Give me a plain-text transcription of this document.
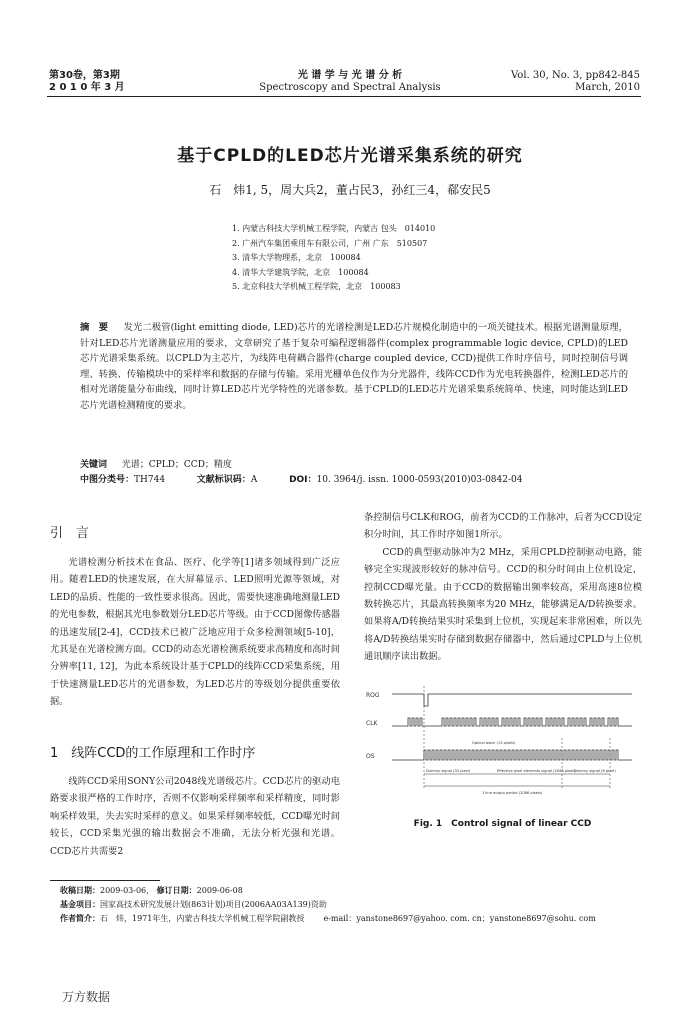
第30卷，第3期
2 0 1 0 年 3 月
光 谱 学 与 光 谱 分 析
Spectroscopy and Spectral Analysis
Vol. 30, No. 3, pp842-845
March, 2010
基于CPLD的LED芯片光谱采集系统的研究
石　炜1, 5，周大兵2，董占民3，孙红三4，郗安民5
1. 内蒙古科技大学机械工程学院，内蒙古 包头　014010
2. 广州汽车集团乘用车有限公司，广州 广东　510507
3. 清华大学物理系，北京　100084
4. 清华大学建筑学院，北京　100084
5. 北京科技大学机械工程学院，北京　100083
摘　要 　 发光二极管(light emitting diode, LED)芯片的光谱检测是LED芯片规模化制造中的一项关键技术。根据光谱测量原理，针对LED芯片光谱测量应用的要求，文章研究了基于复杂可编程逻辑器件(complex programmable logic device, CPLD)的LED芯片光谱采集系统。以CPLD为主芯片，为线阵电荷耦合器件(charge coupled device, CCD)提供工作时序信号，同时控制信号调理、转换、传输模块中的采样率和数据的存储与传输。采用光栅单色仪作为分光器件，线阵CCD作为光电转换器件，检测LED芯片的相对光谱能量分布曲线，同时计算LED芯片光学特性的光谱参数。基于CPLD的LED芯片光谱采集系统简单、快速，同时能达到LED芯片光谱检测精度的要求。
关键词 　 光谱；CPLD；CCD；精度
中图分类号：TH744	文献标识码：A	DOI：10. 3964/j. issn. 1000-0593(2010)03-0842-04
引　言

光谱检测分析技术在食品、医疗、化学等[1]诸多领域得到广泛应用。随着LED的快速发展，在大屏幕显示、LED照明光源等领域，对LED的品质、性能的一致性要求很高。因此，需要快速准确地测量LED的光电参数，根据其光电参数划分LED芯片等级。由于CCD图像传感器的迅速发展[2-4]，CCD技术已被广泛地应用于众多检测领域[5-10]，尤其是在光谱检测方面。CCD的动态光谱检测系统要求高精度和高时间分辨率[11, 12]，为此本系统设计基于CPLD的线阵CCD采集系统，用于快速测量LED芯片的光谱参数，为LED芯片的等级划分提供重要依据。

1　线阵CCD的工作原理和工作时序

线阵CCD采用SONY公司2048线光谱级芯片。CCD芯片的驱动电路要求很严格的工作时序，否则不仅影响采样频率和采样精度，同时影响采样效果，失去实时采样的意义。如果采样频率较低，CCD曝光时间较长，CCD采集光强的输出数据会不准确，无法分析光强和光谱。CCD芯片共需要2

条控制信号CLK和ROG，前者为CCD的工作脉冲，后者为CCD设定积分时间，其工作时序如图1所示。

CCD的典型驱动脉冲为2 MHz，采用CPLD控制驱动电路，能够完全实现波形较好的脉冲信号。CCD的积分时间由上位机设定，控制CCD曝光量。由于CCD的数据输出频率较高，采用高速8位模数转换芯片，其最高转换频率为20 MHz，能够满足A/D转换要求。如果将A/D转换结果实时采集到上位机，实现起来非常困难，所以先将A/D转换结果实时存储到数据存储器中，然后通过CPLD与上位机通讯顺序读出数据。

ROG
CLK
OS
Optical black (13 pixels)
Dummy signal (33 pixel)	Effective pixel elements signal (2048 pixels)
Dummy signal (6 pixel)
1 line output period (2086 pixels)
Fig. 1　Control signal of linear CCD
收稿日期：2009-03-06， 修订日期：2009-06-08
基金项目：国家高技术研究发展计划(863计划)项目(2006AA03A139)资助
作者简介：石　炜，1971年生，内蒙古科技大学机械工程学院副教授 e-mail：yanstone8697@yahoo. com. cn；yanstone8697@sohu. com
万方数据
